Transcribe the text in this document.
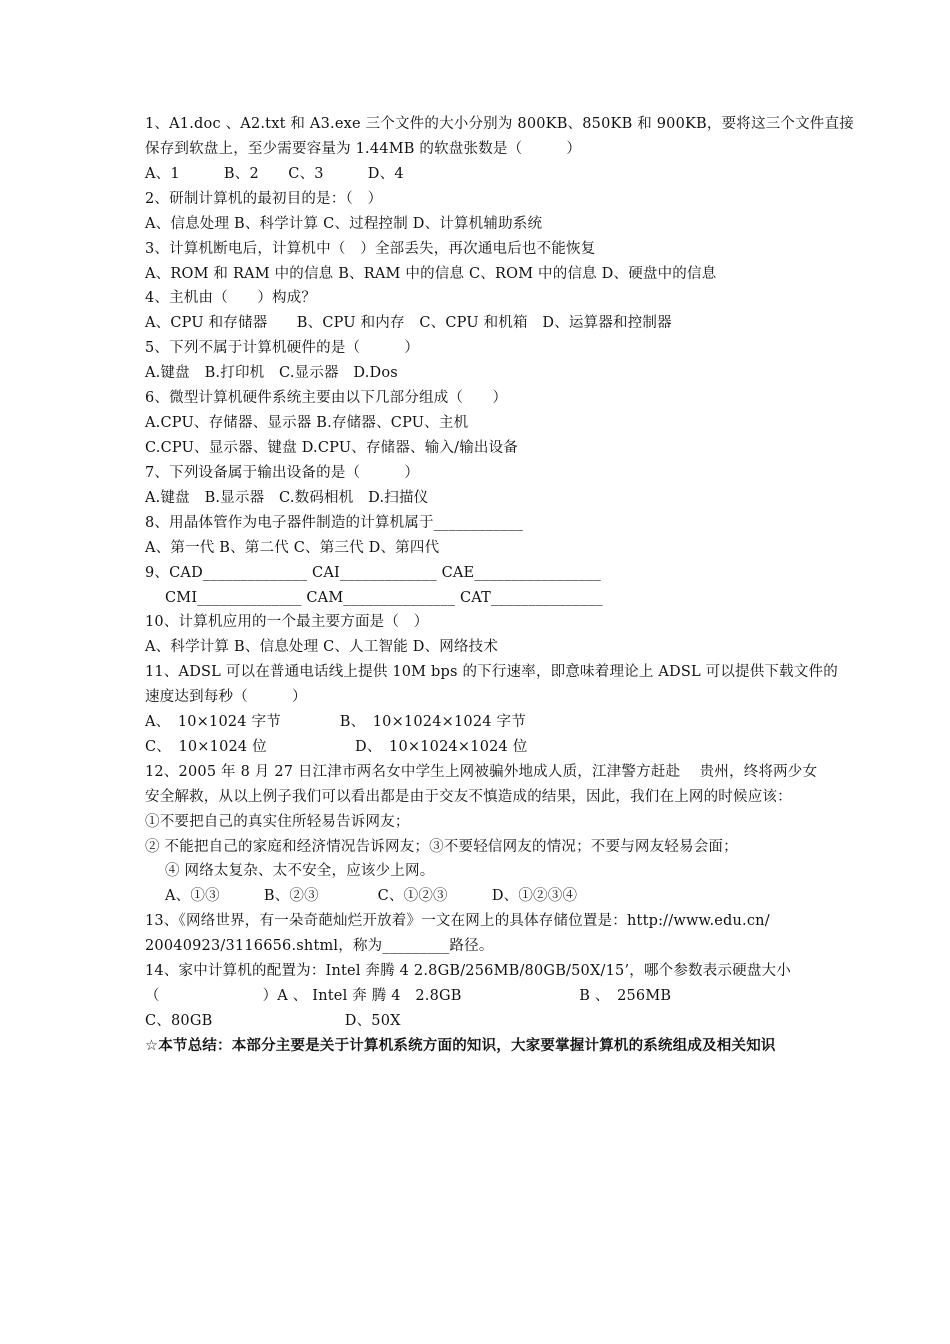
1、A1.doc 、A2.txt 和 A3.exe 三个文件的大小分别为 800KB、850KB 和 900KB，要将这三个文件直接

保存到软盘上，至少需要容量为 1.44MB 的软盘张数是（　　　）

A、1　　　B、2　　C、3　　　D、4

2、研制计算机的最初目的是：（　）

A、信息处理 B、科学计算 C、过程控制 D、计算机辅助系统

3、计算机断电后，计算机中（　）全部丢失，再次通电后也不能恢复

A、ROM 和 RAM 中的信息 B、RAM 中的信息 C、ROM 中的信息 D、硬盘中的信息

4、主机由（　　）构成？

A、CPU 和存储器　　B、CPU 和内存　C、CPU 和机箱　D、运算器和控制器

5、下列不属于计算机硬件的是（　　　）

A.键盘　B.打印机　C.显示器　D.Dos

6、微型计算机硬件系统主要由以下几部分组成（　　）

A.CPU、存储器、显示器 B.存储器、CPU、主机

C.CPU、显示器、键盘 D.CPU、存储器、输入/输出设备

7、下列设备属于输出设备的是（　　　）

A.键盘　B.显示器　C.数码相机　D.扫描仪

8、用晶体管作为电子器件制造的计算机属于____________

A、第一代 B、第二代 C、第三代 D、第四代

9、CAD______________ CAI_____________ CAE_________________

CMI______________ CAM_______________ CAT_______________

10、计算机应用的一个最主要方面是（　）

A、科学计算 B、信息处理 C、人工智能 D、网络技术

11、ADSL 可以在普通电话线上提供 10M bps 的下行速率，即意味着理论上 ADSL 可以提供下载文件的

速度达到每秒（　　　）

A、　10×1024 字节　　　　B、　10×1024×1024 字节

C、　10×1024 位　　　　　　D、　10×1024×1024 位

12、2005 年 8 月 27 日江津市两名女中学生上网被骗外地成人质，江津警方赶赴　 贵州，终将两少女

安全解救，从以上例子我们可以看出都是由于交友不慎造成的结果，因此，我们在上网的时候应该：

①不要把自己的真实住所轻易告诉网友；

② 不能把自己的家庭和经济情况告诉网友；③不要轻信网友的情况；不要与网友轻易会面；

④ 网络太复杂、太不安全，应该少上网。

A、①③　　　B、②③　　　　C、①②③　　　D、①②③④

13、《网络世界，有一朵奇葩灿烂开放着》一文在网上的具体存储位置是：http://www.edu.cn/

20040923/3116656.shtml，称为_________路径。

14、家中计算机的配置为：Intel 奔腾 4 2.8GB/256MB/80GB/50X/15’，哪个参数表示硬盘大小

（　　　　　　　）A 、 Intel 奔 腾 4　2.8GB　　　　　　　　B 、　256MB

C、80GB　　　　　　　　　D、50X

☆本节总结：本部分主要是关于计算机系统方面的知识，大家要掌握计算机的系统组成及相关知识
